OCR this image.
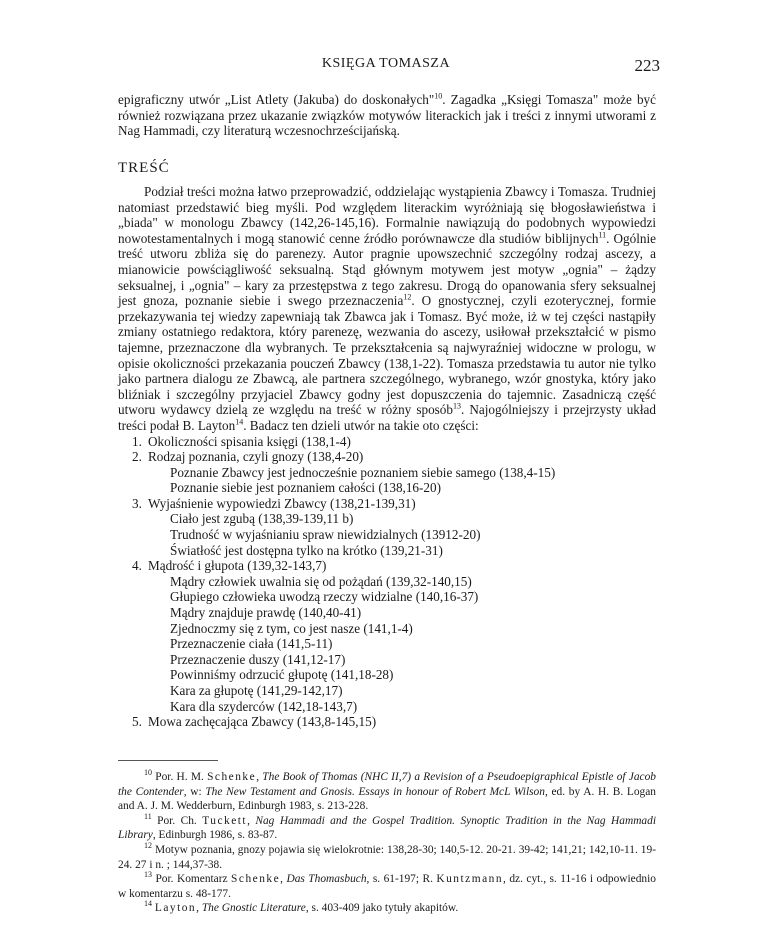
KSIĘGA TOMASZA	223
epigraficzny utwór „List Atlety (Jakuba) do doskonałych"$^{10}$. Zagadka „Księgi Tomasza" może być również rozwiązana przez ukazanie związków motywów literackich jak i treści z innymi utworami z Nag Hammadi, czy literaturą wczesnochrześcijańską.
TREŚĆ

Podział treści można łatwo przeprowadzić, oddzielając wystąpienia Zbawcy i Tomasza. Trudniej natomiast przedstawić bieg myśli. Pod względem literackim wyróżniają się błogosławieństwa i „biada" w monologu Zbawcy (142,26-145,16). Formalnie nawiązują do podobnych wypowiedzi nowotestamentalnych i mogą stanowić cenne źródło porównawcze dla studiów biblijnych$^{11}$. Ogólnie treść utworu zbliża się do parenezy. Autor pragnie upowszechnić szczególny rodzaj ascezy, a mianowicie powściągliwość seksualną. Stąd głównym motywem jest motyw „ognia" – żądzy seksualnej, i „ognia" – kary za przestępstwa z tego zakresu. Drogą do opanowania sfery seksualnej jest gnoza, poznanie siebie i swego przeznaczenia$^{12}$. O gnostycznej, czyli ezoterycznej, formie przekazywania tej wiedzy zapewniają tak Zbawca jak i Tomasz. Być może, iż w tej części nastąpiły zmiany ostatniego redaktora, który parenezę, wezwania do ascezy, usiłował przekształcić w pismo tajemne, przeznaczone dla wybranych. Te przekształcenia są najwyraźniej widoczne w prologu, w opisie okoliczności przekazania pouczeń Zbawcy (138,1-22). Tomasza przedstawia tu autor nie tylko jako partnera dialogu ze Zbawcą, ale partnera szczególnego, wybranego, wzór gnostyka, który jako bliźniak i szczególny przyjaciel Zbawcy godny jest dopuszczenia do tajemnic. Zasadniczą część utworu wydawcy dzielą ze względu na treść w różny sposób$^{13}$. Najogólniejszy i przejrzysty układ treści podał B. Layton$^{14}$. Badacz ten dzieli utwór na takie oto części:

1. Okoliczności spisania księgi (138,1-4)
2. Rodzaj poznania, czyli gnozy (138,4-20)
Poznanie Zbawcy jest jednocześnie poznaniem siebie samego (138,4-15)
Poznanie siebie jest poznaniem całości (138,16-20)
3. Wyjaśnienie wypowiedzi Zbawcy (138,21-139,31)
Ciało jest zgubą (138,39-139,11 b)
Trudność w wyjaśnianiu spraw niewidzialnych (13912-20)
Światłość jest dostępna tylko na krótko (139,21-31)
4. Mądrość i głupota (139,32-143,7)
Mądry człowiek uwalnia się od pożądań (139,32-140,15)
Głupiego człowieka uwodzą rzeczy widzialne (140,16-37)
Mądry znajduje prawdę (140,40-41)
Zjednoczmy się z tym, co jest nasze (141,1-4)
Przeznaczenie ciała (141,5-11)
Przeznaczenie duszy (141,12-17)
Powinniśmy odrzucić głupotę (141,18-28)
Kara za głupotę (141,29-142,17)
Kara dla szyderców (142,18-143,7)
5. Mowa zachęcająca Zbawcy (143,8-145,15)

$^{10}$ Por. H. M. Schenke, The Book of Thomas (NHC II,7) a Revision of a Pseudoepigraphical Epistle of Jacob the Contender, w: The New Testament and Gnosis. Essays in honour of Robert McL Wilson, ed. by A. H. B. Logan and A. J. M. Wedderburn, Edinburgh 1983, s. 213-228.

$^{11}$ Por. Ch. Tuckett, Nag Hammadi and the Gospel Tradition. Synoptic Tradition in the Nag Hammadi Library, Edinburgh 1986, s. 83-87.

$^{12}$ Motyw poznania, gnozy pojawia się wielokrotnie: 138,28-30; 140,5-12. 20-21. 39-42; 141,21; 142,10-11. 19-24. 27 i n. ; 144,37-38.

$^{13}$ Por. Komentarz Schenke, Das Thomasbuch, s. 61-197; R. Kuntzmann, dz. cyt., s. 11-16 i odpowiednio w komentarzu s. 48-177.

$^{14}$ Layton, The Gnostic Literature, s. 403-409 jako tytuły akapitów.
